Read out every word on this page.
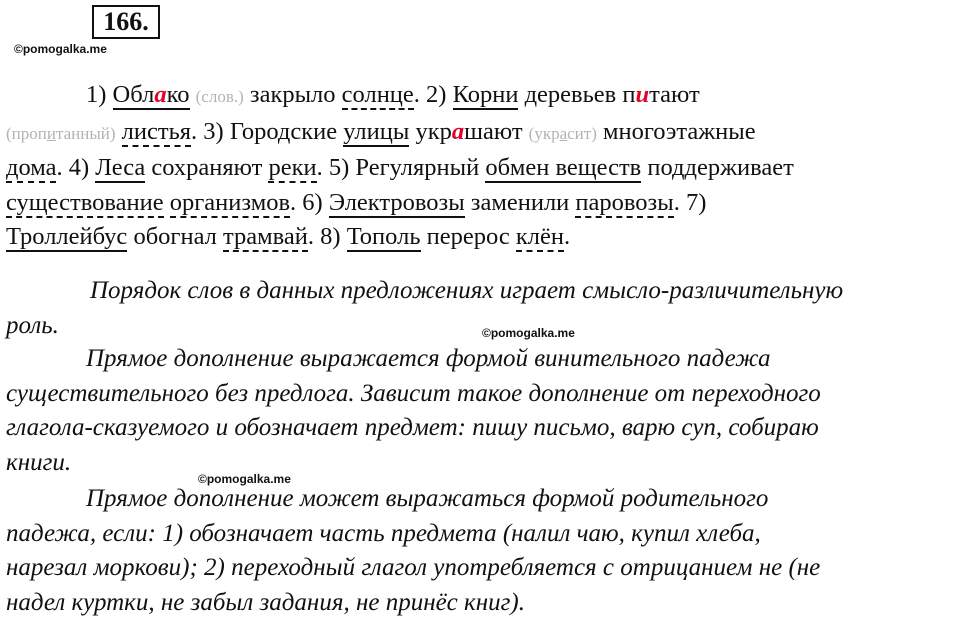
166.
©pomogalka.me
1) Облако (слов.) закрыло солнце. 2) Корни деревьев питают
(пропитанный) листья. 3) Городские улицы украшают (украсит) многоэтажные
дома. 4) Леса сохраняют реки. 5) Регулярный обмен веществ поддерживает
существование организмов. 6) Электровозы заменили паровозы. 7)
Троллейбус обогнал трамвай. 8) Тополь перерос клён.
Порядок слов в данных предложениях играет смысло-различительную
роль.	©pomogalka.me
Прямое дополнение выражается формой винительного падежа
существительного без предлога. Зависит такое дополнение от переходного
глагола-сказуемого и обозначает предмет: пишу письмо, варю суп, собираю
книги.
©pomogalka.me
Прямое дополнение может выражаться формой родительного
падежа, если: 1) обозначает часть предмета (налил чаю, купил хлеба,
нарезал моркови); 2) переходный глагол употребляется с отрицанием не (не
надел куртки, не забыл задания, не принёс книг).
